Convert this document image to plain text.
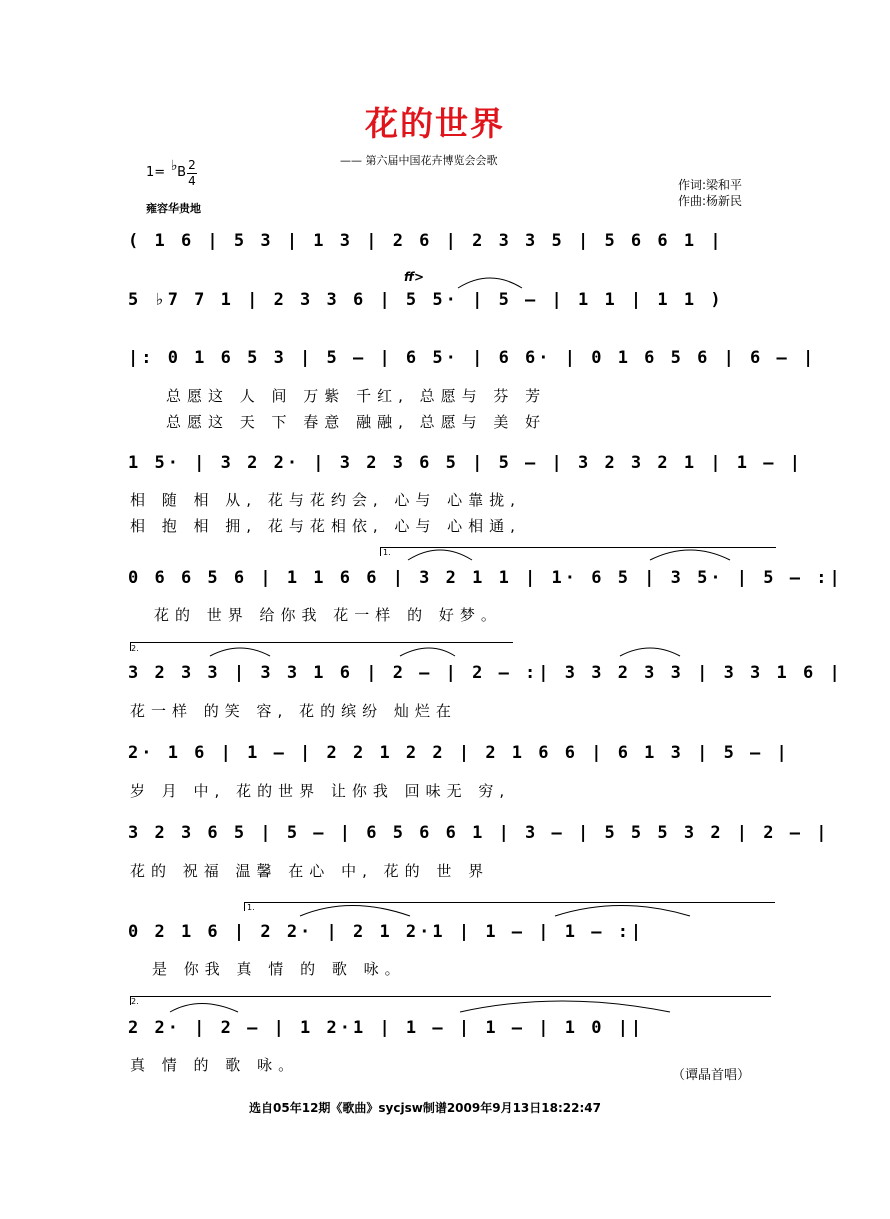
花的世界
—— 第六届中国花卉博览会会歌
1= B
♭ 2
4
雍容华贵地
作词:梁和平
作曲:杨新民
( 1 6 | 5 3 | 1 3 | 2 6 | 2 3 3 5 | 5 6 6 1 |
5 ♭7 7 1 | 2 3 3 6 | 5 5· | 5 — | 1 1 | 1 1 )
ff>
|: 0 1 6 5 3 | 5 — | 6 5· | 6 6· | 0 1 6 5 6 | 6 — |
总愿这 人 间 万紫 千红, 总愿与 芬 芳
总愿这 天 下 春意 融融, 总愿与 美 好
1 5· | 3 2 2· | 3 2 3 6 5 | 5 — | 3 2 3 2 1 | 1 — |
相 随 相 从, 花与花约会, 心与 心靠拢,
相 抱 相 拥, 花与花相依, 心与 心相通,
1.
0 6 6 5 6 | 1 1 6 6 | 3 2 1 1 | 1· 6 5 | 3 5· | 5 — :|
花的 世界 给你我 花一样 的 好梦。
2.
3 2 3 3 | 3 3 1 6 | 2 — | 2 — :| 3 3 2 3 3 | 3 3 1 6 |
花一样 的笑 容, 花的缤纷 灿烂在
2· 1 6 | 1 — | 2 2 1 2 2 | 2 1 6 6 | 6 1 3 | 5 — |
岁 月 中, 花的世界 让你我 回味无 穷,
3 2 3 6 5 | 5 — | 6 5 6 6 1 | 3 — | 5 5 5 3 2 | 2 — |
花的 祝福 温馨 在心 中, 花的 世 界
1.
0 2 1 6 | 2 2· | 2 1 2·1 | 1 — | 1 — :|
是 你我 真 情 的 歌 咏。
2.
2 2· | 2 — | 1 2·1 | 1 — | 1 — | 1 0 ||
真 情 的 歌 咏。
（谭晶首唱）
选自05年12期《歌曲》sycjsw制谱2009年9月13日18:22:47
